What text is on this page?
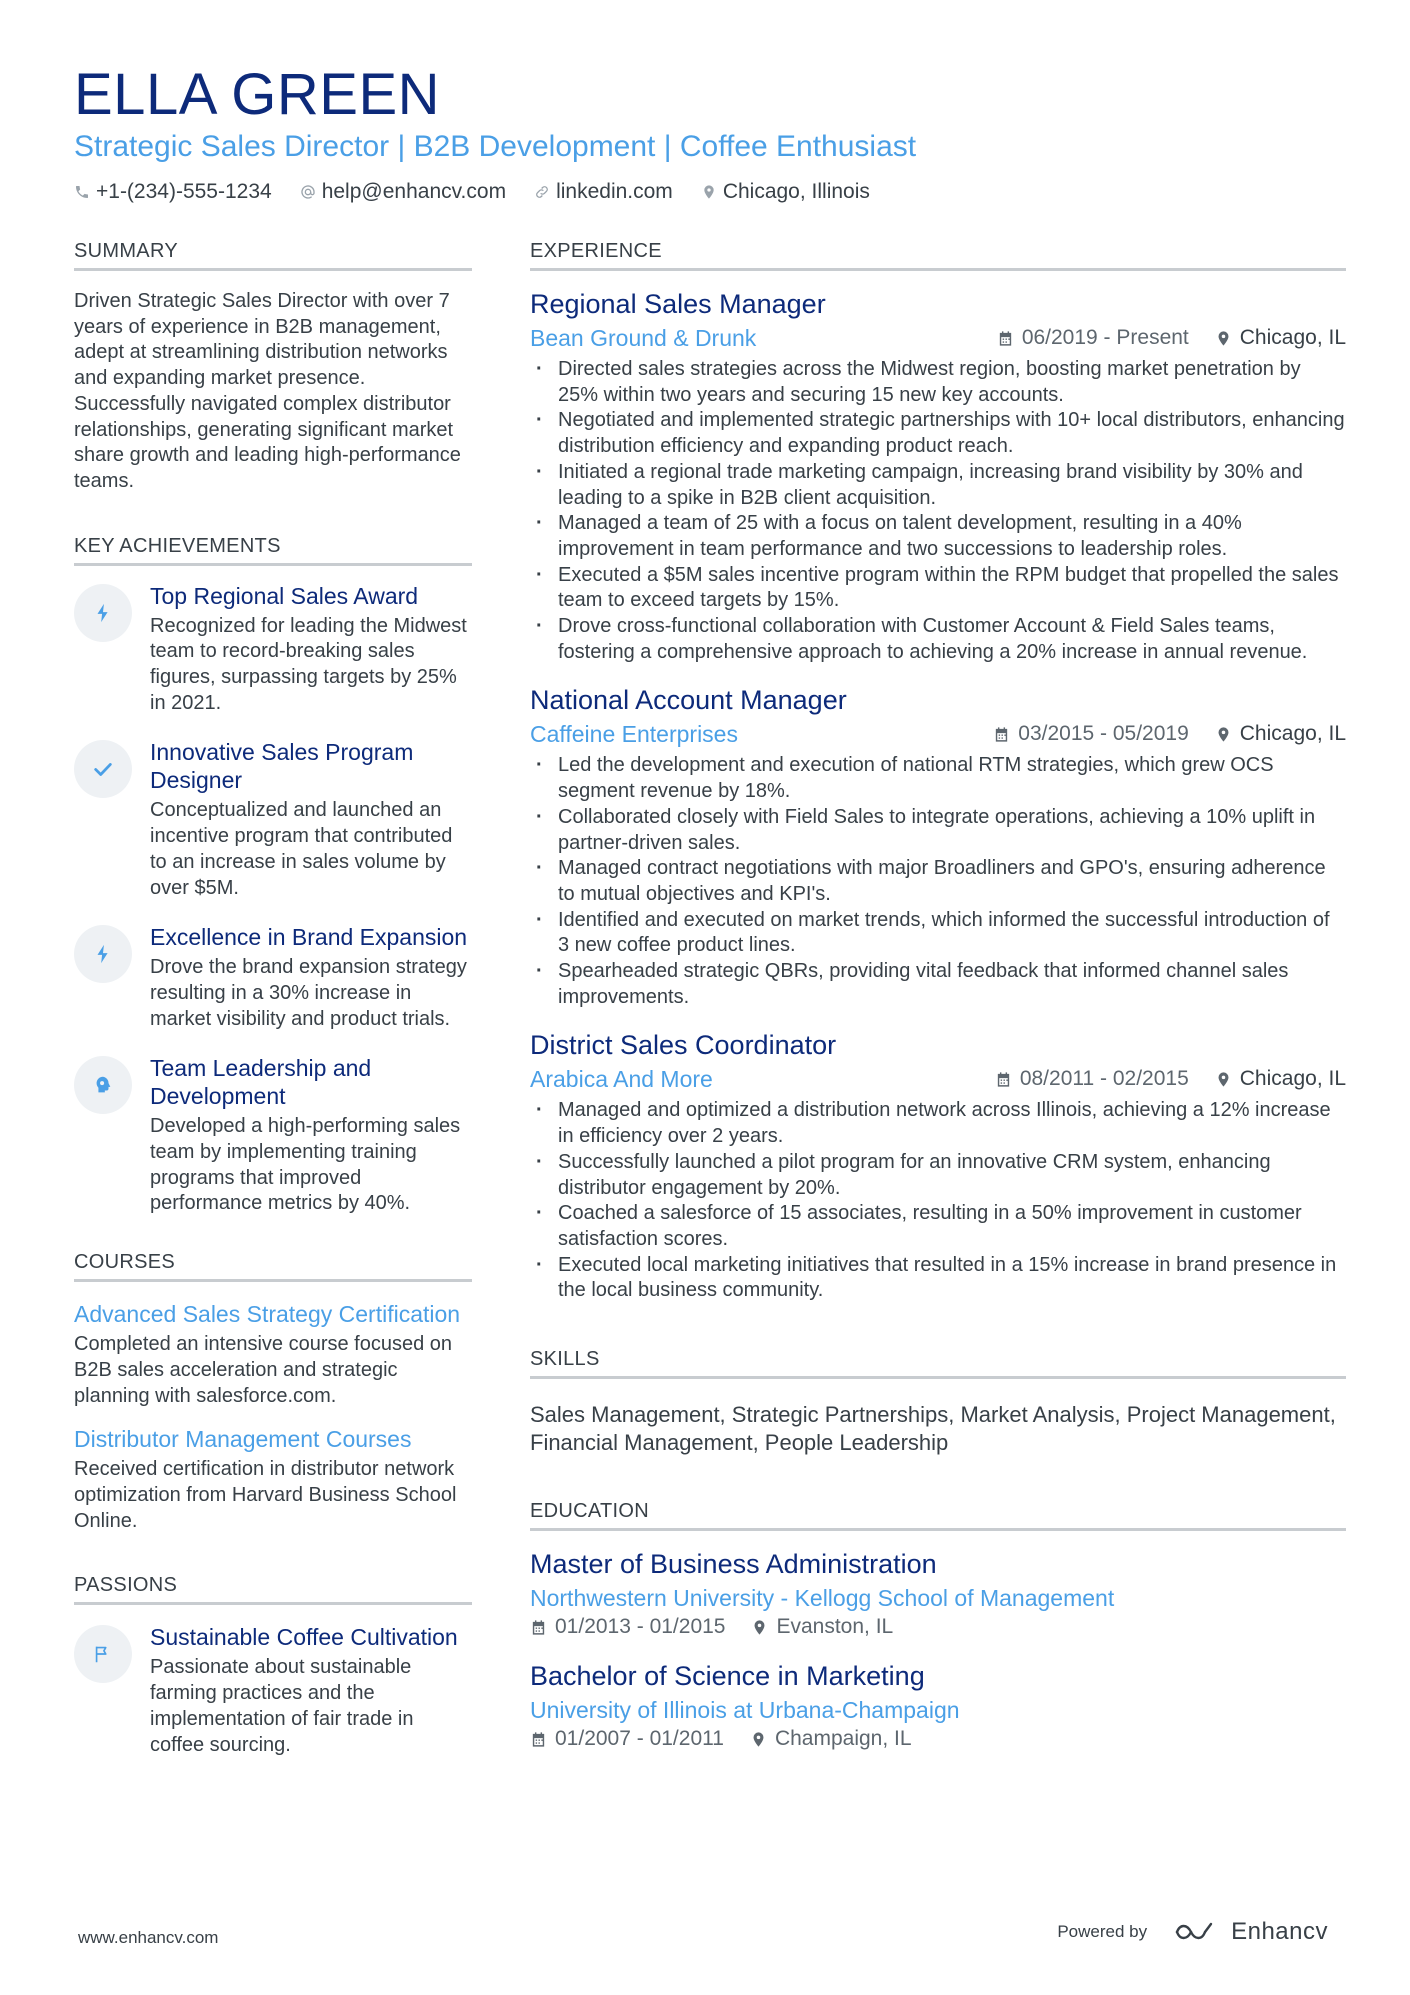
ELLA GREEN
Strategic Sales Director | B2B Development | Coffee Enthusiast
+1-(234)-555-1234 help@enhancv.com linkedin.com Chicago, Illinois
SUMMARY

Driven Strategic Sales Director with over 7 years of experience in B2B management, adept at streamlining distribution networks and expanding market presence. Successfully navigated complex distributor relationships, generating significant market share growth and leading high-performance teams.

KEY ACHIEVEMENTS
Top Regional Sales Award
Recognized for leading the Midwest team to record-breaking sales figures, surpassing targets by 25% in 2021.
Innovative Sales Program Designer
Conceptualized and launched an incentive program that contributed to an increase in sales volume by over $5M.
Excellence in Brand Expansion
Drove the brand expansion strategy resulting in a 30% increase in market visibility and product trials.
Team Leadership and Development
Developed a high-performing sales team by implementing training programs that improved performance metrics by 40%.
COURSES
Advanced Sales Strategy Certification
Completed an intensive course focused on B2B sales acceleration and strategic planning with salesforce.com.
Distributor Management Courses
Received certification in distributor network optimization from Harvard Business School Online.
PASSIONS
Sustainable Coffee Cultivation
Passionate about sustainable farming practices and the implementation of fair trade in coffee sourcing.
EXPERIENCE
Regional Sales Manager
Bean Ground & Drunk	06/2019 - Present Chicago, IL
· Directed sales strategies across the Midwest region, boosting market penetration by 25% within two years and securing 15 new key accounts.
· Negotiated and implemented strategic partnerships with 10+ local distributors, enhancing distribution efficiency and expanding product reach.
· Initiated a regional trade marketing campaign, increasing brand visibility by 30% and leading to a spike in B2B client acquisition.
· Managed a team of 25 with a focus on talent development, resulting in a 40% improvement in team performance and two successions to leadership roles.
· Executed a $5M sales incentive program within the RPM budget that propelled the sales team to exceed targets by 15%.
· Drove cross-functional collaboration with Customer Account & Field Sales teams, fostering a comprehensive approach to achieving a 20% increase in annual revenue.
National Account Manager
Caffeine Enterprises	03/2015 - 05/2019 Chicago, IL
· Led the development and execution of national RTM strategies, which grew OCS segment revenue by 18%.
· Collaborated closely with Field Sales to integrate operations, achieving a 10% uplift in partner-driven sales.
· Managed contract negotiations with major Broadliners and GPO's, ensuring adherence to mutual objectives and KPI's.
· Identified and executed on market trends, which informed the successful introduction of 3 new coffee product lines.
· Spearheaded strategic QBRs, providing vital feedback that informed channel sales improvements.
District Sales Coordinator
Arabica And More	08/2011 - 02/2015 Chicago, IL
· Managed and optimized a distribution network across Illinois, achieving a 12% increase in efficiency over 2 years.
· Successfully launched a pilot program for an innovative CRM system, enhancing distributor engagement by 20%.
· Coached a salesforce of 15 associates, resulting in a 50% improvement in customer satisfaction scores.
· Executed local marketing initiatives that resulted in a 15% increase in brand presence in the local business community.
SKILLS

Sales Management, Strategic Partnerships, Market Analysis, Project Management, Financial Management, People Leadership

EDUCATION
Master of Business Administration
Northwestern University - Kellogg School of Management
01/2013 - 01/2015 Evanston, IL
Bachelor of Science in Marketing
University of Illinois at Urbana-Champaign
01/2007 - 01/2011 Champaign, IL
www.enhancv.com	Powered by	Enhancv
